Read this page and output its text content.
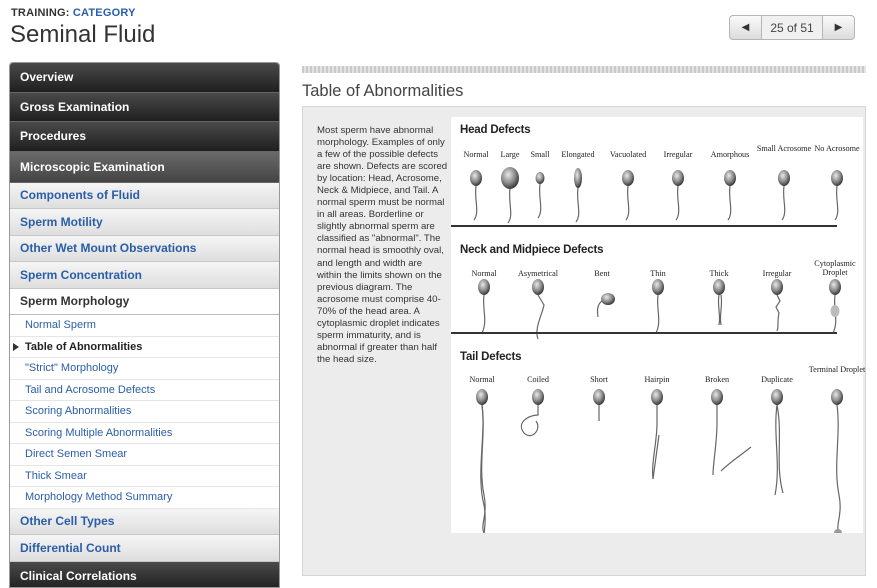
TRAINING: CATEGORY
Seminal Fluid	◀	25 of 51	▶
Overview
Gross Examination
Procedures
Microscopic Examination
Components of Fluid
Sperm Motility
Other Wet Mount Observations
Sperm Concentration
Sperm Morphology
Normal Sperm
Table of Abnormalities
"Strict" Morphology
Tail and Acrosome Defects
Scoring Abnormalities
Scoring Multiple Abnormalities
Direct Semen Smear
Thick Smear
Morphology Method Summary
Other Cell Types
Differential Count
Clinical Correlations
Table of Abnormalities
Most sperm have abnormal morphology. Examples of only a few of the possible defects are shown. Defects are scored by location: Head, Acrosome, Neck & Midpiece, and Tail. A normal sperm must be normal in all areas. Borderline or slightly abnormal sperm are classified as "abnormal". The normal head is smoothly oval, and length and width are within the limits shown on the previous diagram. The acrosome must comprise 40-70% of the head area. A cytoplasmic droplet indicates sperm immaturity, and is abnormal if greater than half the head size.
Head Defects
Neck and Midpiece Defects
Tail Defects
Normal	Large	Small	Elongated	Vacuolated	Irregular	Amorphous
Small Acrosome No Acrosome
Normal	Asymetrical	Bent	Thin	Thick	Irregular
Cytoplasmic Droplet
Normal	Coiled	Short	Hairpin	Broken	Duplicate
Terminal Droplet
